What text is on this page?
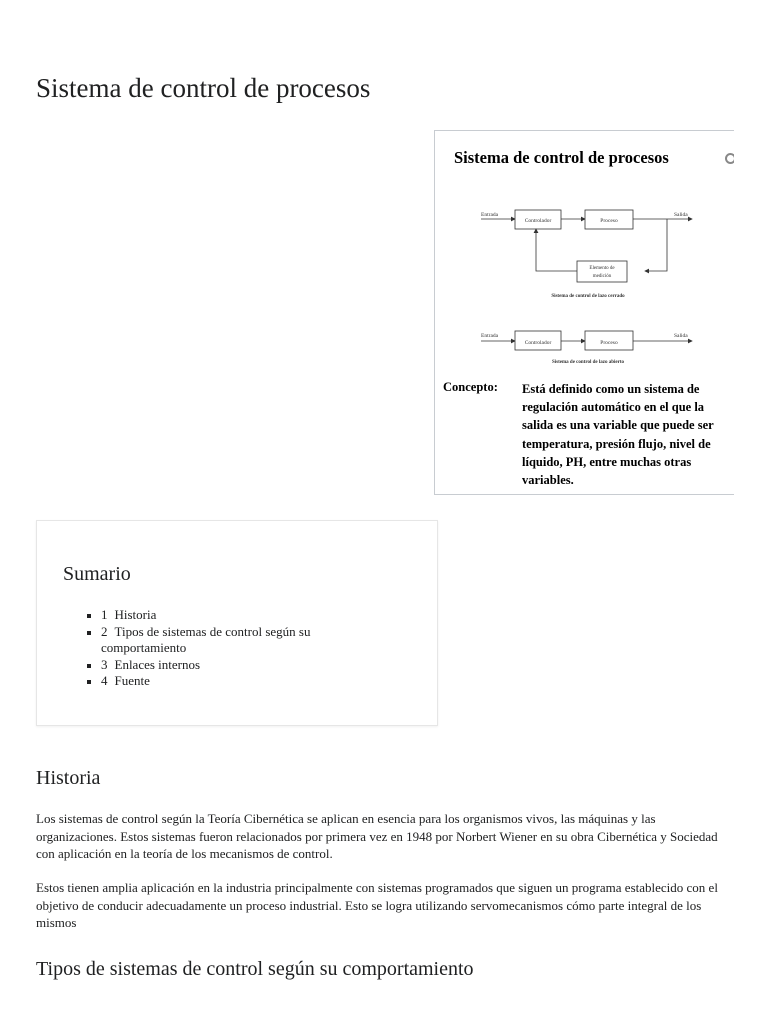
Sistema de control de procesos
Sistema de control de procesos
Entrada
Controlador	Proceso
Salida
Elemento de
medición
Sistema de control de lazo cerrado
Entrada
Controlador	Proceso
Salida
Sistema de control de lazo abierto
Concepto: Está definido como un sistema de
regulación automático en el que la
salida es una variable que puede ser
temperatura, presión flujo, nivel de
líquido, PH, entre muchas otras
variables.
Sumario
1 Historia
2 Tipos de sistemas de control según su comportamiento
3 Enlaces internos
4 Fuente
Historia

Los sistemas de control según la Teoría Cibernética se aplican en esencia para los organismos vivos, las máquinas y las organizaciones. Estos sistemas fueron relacionados por primera vez en 1948 por Norbert Wiener en su obra Cibernética y Sociedad con aplicación en la teoría de los mecanismos de control.

Estos tienen amplia aplicación en la industria principalmente con sistemas programados que siguen un programa establecido con el objetivo de conducir adecuadamente un proceso industrial. Esto se logra utilizando servomecanismos cómo parte integral de los mismos

Tipos de sistemas de control según su comportamiento
